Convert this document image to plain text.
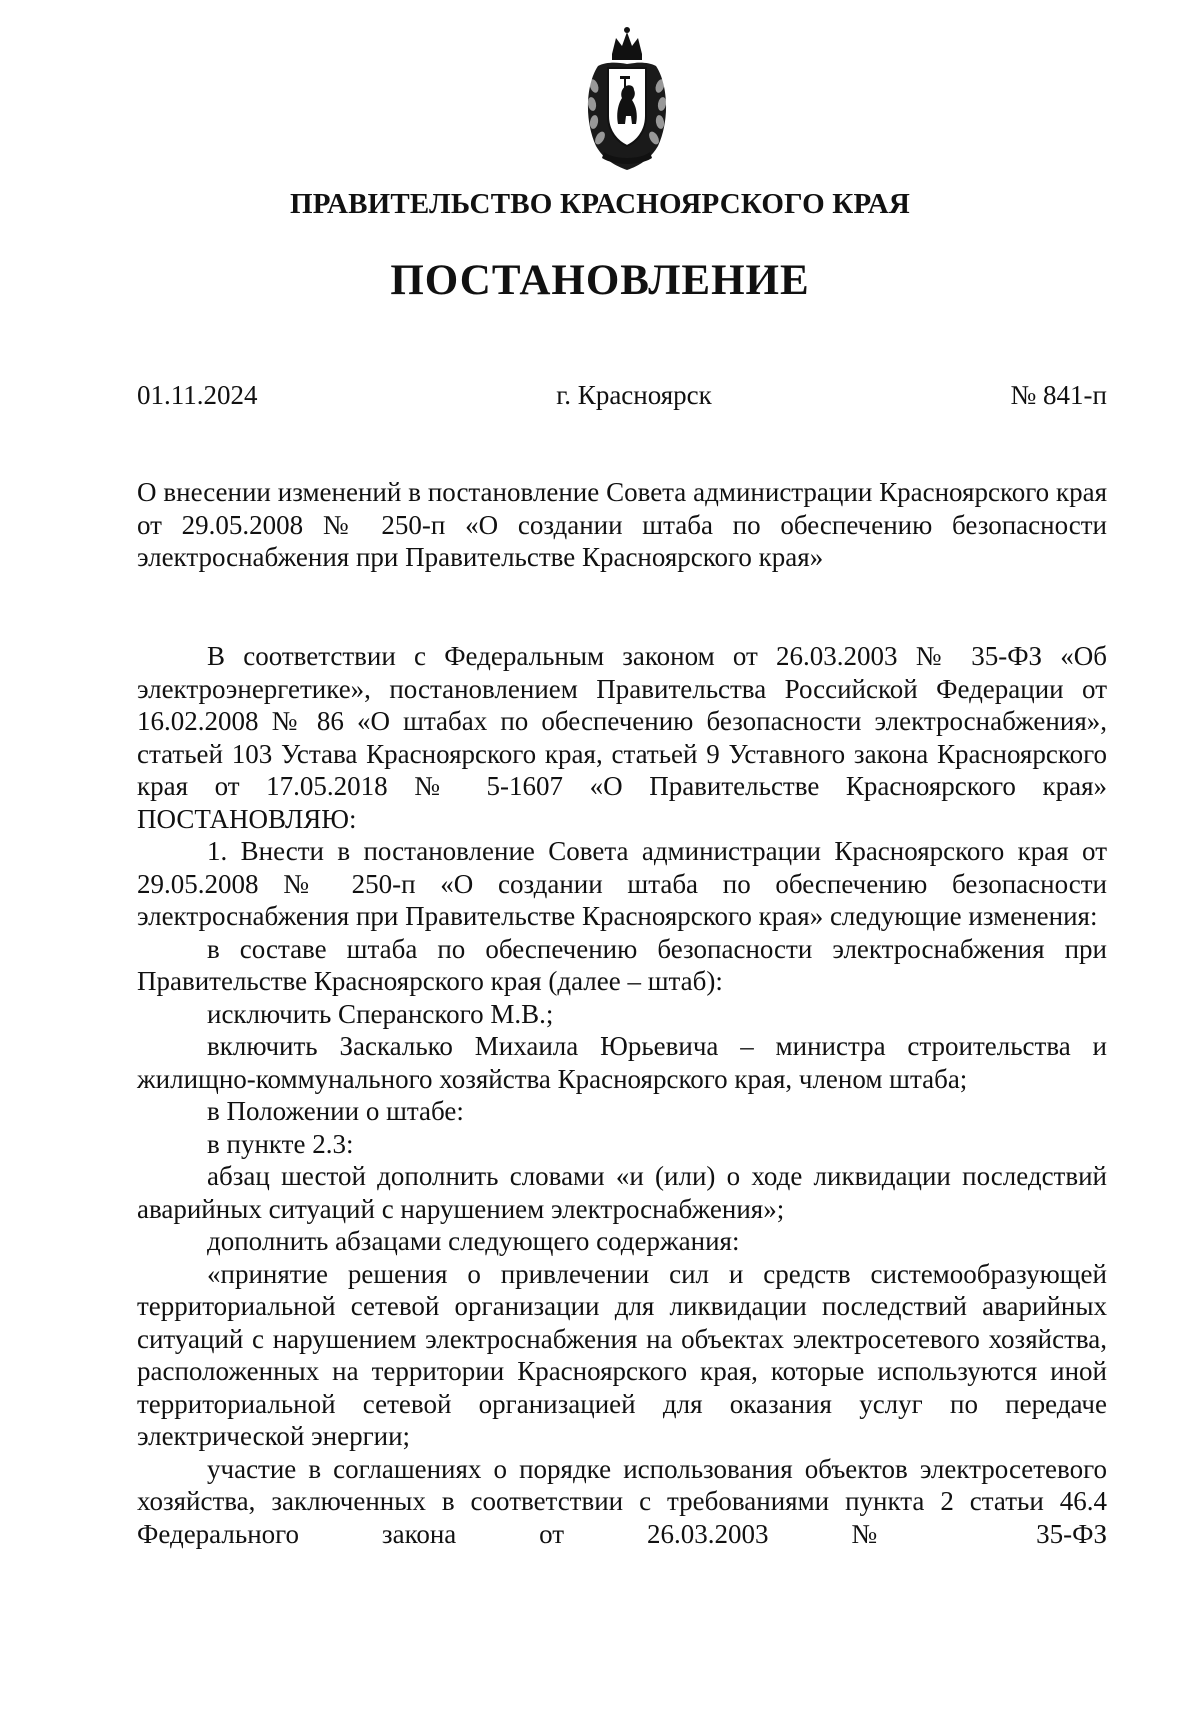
ПРАВИТЕЛЬСТВО КРАСНОЯРСКОГО КРАЯ
ПОСТАНОВЛЕНИЕ
01.11.2024	г. Красноярск	№ 841-п
О внесении изменений в постановление Совета администрации Красноярского края от 29.05.2008 № 250-п «О создании штаба по обеспечению безопасности электроснабжения при Правительстве Красноярского края»

В соответствии с Федеральным законом от 26.03.2003 № 35-ФЗ «Об электроэнергетике», постановлением Правительства Российской Федерации от 16.02.2008 № 86 «О штабах по обеспечению безопасности электроснабжения», статьей 103 Устава Красноярского края, статьей 9 Уставного закона Красноярского края от 17.05.2018 № 5-1607 «О Правительстве Красноярского края» ПОСТАНОВЛЯЮ:

1. Внести в постановление Совета администрации Красноярского края от 29.05.2008 № 250-п «О создании штаба по обеспечению безопасности электроснабжения при Правительстве Красноярского края» следующие изменения:

в составе штаба по обеспечению безопасности электроснабжения при Правительстве Красноярского края (далее – штаб):

исключить Сперанского М.В.;

включить Заскалько Михаила Юрьевича – министра строительства и жилищно-коммунального хозяйства Красноярского края, членом штаба;

в Положении о штабе:

в пункте 2.3:

абзац шестой дополнить словами «и (или) о ходе ликвидации последствий аварийных ситуаций с нарушением электроснабжения»;

дополнить абзацами следующего содержания:

«принятие решения о привлечении сил и средств системообразующей территориальной сетевой организации для ликвидации последствий аварийных ситуаций с нарушением электроснабжения на объектах электросетевого хозяйства, расположенных на территории Красноярского края, которые используются иной территориальной сетевой организацией для оказания услуг по передаче электрической энергии;

участие в соглашениях о порядке использования объектов электросетевого хозяйства, заключенных в соответствии с требованиями пункта 2 статьи 46.4 Федерального закона от 26.03.2003 № 35-ФЗ
